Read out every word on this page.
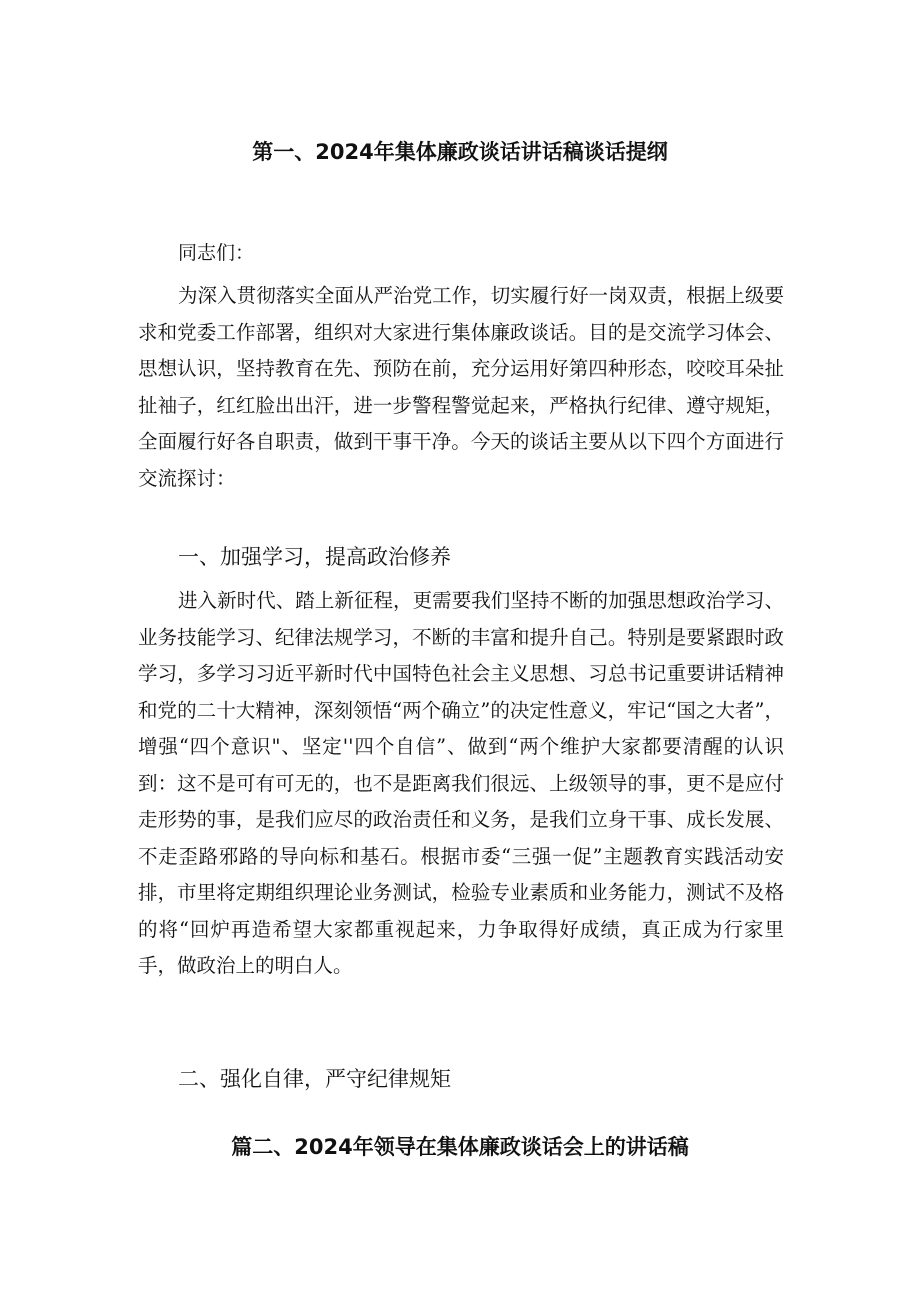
第一、2024年集体廉政谈话讲话稿谈话提纲
同志们：

为深入贯彻落实全面从严治党工作，切实履行好一岗双责，根据上级要求和党委工作部署，组织对大家进行集体廉政谈话。目的是交流学习体会、思想认识，坚持教育在先、预防在前，充分运用好第四种形态，咬咬耳朵扯扯袖子，红红脸出出汗，进一步警程警觉起来，严格执行纪律、遵守规矩，全面履行好各自职责，做到干事干净。今天的谈话主要从以下四个方面进行交流探讨：

一、加强学习，提高政治修养

进入新时代、踏上新征程，更需要我们坚持不断的加强思想政治学习、业务技能学习、纪律法规学习，不断的丰富和提升自己。特别是要紧跟时政学习，多学习习近平新时代中国特色社会主义思想、习总书记重要讲话精神和党的二十大精神，深刻领悟“两个确立”的决定性意义，牢记“国之大者”，增强“四个意识"、坚定''四个自信”、做到“两个维护大家都要清醒的认识到：这不是可有可无的，也不是距离我们很远、上级领导的事，更不是应付走形势的事，是我们应尽的政治责任和义务，是我们立身干事、成长发展、不走歪路邪路的导向标和基石。根据市委“三强一促”主题教育实践活动安排，市里将定期组织理论业务测试，检验专业素质和业务能力，测试不及格的将“回炉再造希望大家都重视起来，力争取得好成绩，真正成为行家里手，做政治上的明白人。

二、强化自律，严守纪律规矩
篇二、2024年领导在集体廉政谈话会上的讲话稿
